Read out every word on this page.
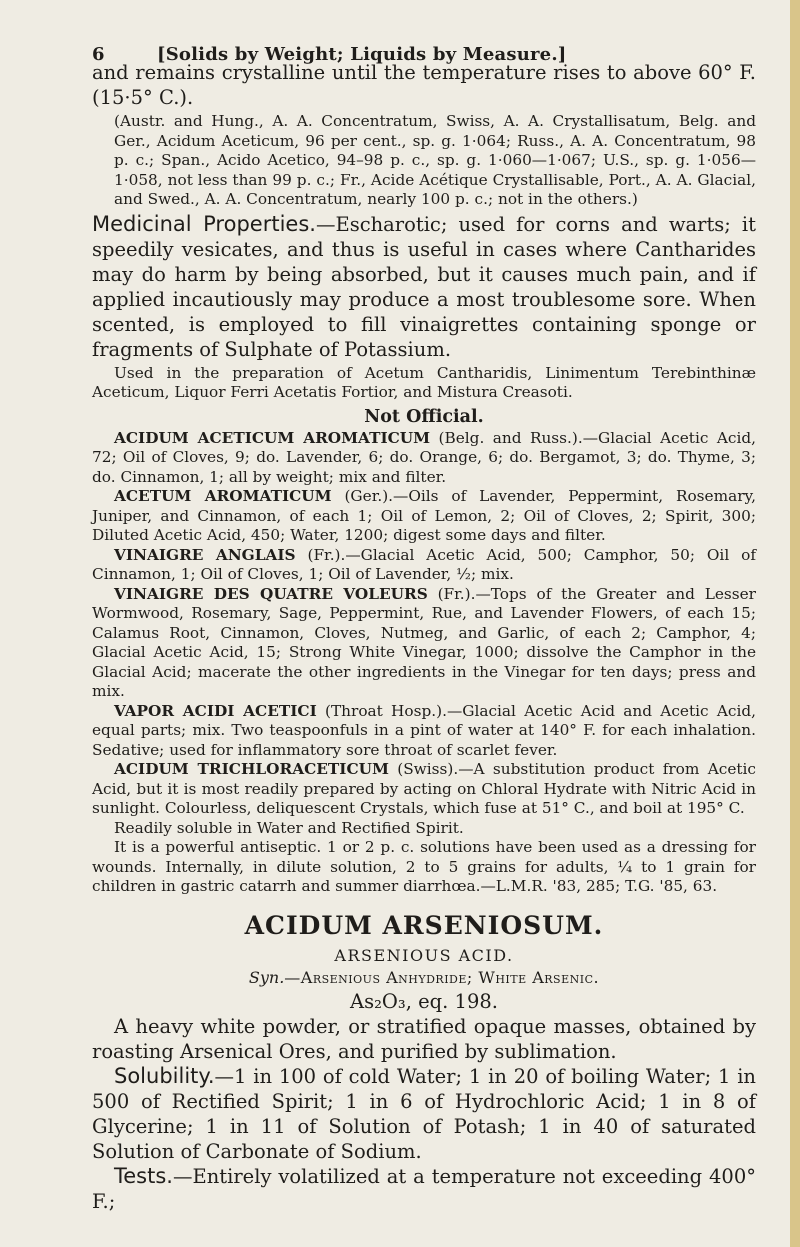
6	[Solids by Weight; Liquids by Measure.]

and remains crystalline until the temperature rises to above 60° F. (15·5° C.).

(Austr. and Hung., A. A. Concentratum, Swiss, A. A. Crystallisatum, Belg. and Ger., Acidum Aceticum, 96 per cent., sp. g. 1·064; Russ., A. A. Concentratum, 98 p. c.; Span., Acido Acetico, 94–98 p. c., sp. g. 1·060—1·067; U.S., sp. g. 1·056—1·058, not less than 99 p. c.; Fr., Acide Acétique Crystallisable, Port., A. A. Glacial, and Swed., A. A. Concentratum, nearly 100 p. c.; not in the others.)

Medicinal Properties.—Escharotic; used for corns and warts; it speedily vesicates, and thus is useful in cases where Cantharides may do harm by being absorbed, but it causes much pain, and if applied incautiously may produce a most troublesome sore. When scented, is employed to fill vinaigrettes containing sponge or fragments of Sulphate of Potassium.

Used in the preparation of Acetum Cantharidis, Linimentum Terebinthinæ Aceticum, Liquor Ferri Acetatis Fortior, and Mistura Creasoti.

Not Official.

ACIDUM ACETICUM AROMATICUM (Belg. and Russ.).—Glacial Acetic Acid, 72; Oil of Cloves, 9; do. Lavender, 6; do. Orange, 6; do. Bergamot, 3; do. Thyme, 3; do. Cinnamon, 1; all by weight; mix and filter.

ACETUM AROMATICUM (Ger.).—Oils of Lavender, Peppermint, Rosemary, Juniper, and Cinnamon, of each 1; Oil of Lemon, 2; Oil of Cloves, 2; Spirit, 300; Diluted Acetic Acid, 450; Water, 1200; digest some days and filter.

VINAIGRE ANGLAIS (Fr.).—Glacial Acetic Acid, 500; Camphor, 50; Oil of Cinnamon, 1; Oil of Cloves, 1; Oil of Lavender, ½; mix.

VINAIGRE DES QUATRE VOLEURS (Fr.).—Tops of the Greater and Lesser Wormwood, Rosemary, Sage, Peppermint, Rue, and Lavender Flowers, of each 15; Calamus Root, Cinnamon, Cloves, Nutmeg, and Garlic, of each 2; Camphor, 4; Glacial Acetic Acid, 15; Strong White Vinegar, 1000; dissolve the Camphor in the Glacial Acid; macerate the other ingredients in the Vinegar for ten days; press and mix.

VAPOR ACIDI ACETICI (Throat Hosp.).—Glacial Acetic Acid and Acetic Acid, equal parts; mix. Two teaspoonfuls in a pint of water at 140° F. for each inhalation. Sedative; used for inflammatory sore throat of scarlet fever.

ACIDUM TRICHLORACETICUM (Swiss).—A substitution product from Acetic Acid, but it is most readily prepared by acting on Chloral Hydrate with Nitric Acid in sunlight. Colourless, deliquescent Crystals, which fuse at 51° C., and boil at 195° C.

Readily soluble in Water and Rectified Spirit.

It is a powerful antiseptic. 1 or 2 p. c. solutions have been used as a dressing for wounds. Internally, in dilute solution, 2 to 5 grains for adults, ¼ to 1 grain for children in gastric catarrh and summer diarrhœa.—L.M.R. '83, 285; T.G. '85, 63.

ACIDUM ARSENIOSUM.

ARSENIOUS ACID.

Syn.—Arsenious Anhydride; White Arsenic.

As₂O₃, eq. 198.

A heavy white powder, or stratified opaque masses, obtained by roasting Arsenical Ores, and purified by sublimation.

Solubility.—1 in 100 of cold Water; 1 in 20 of boiling Water; 1 in 500 of Rectified Spirit; 1 in 6 of Hydrochloric Acid; 1 in 8 of Glycerine; 1 in 11 of Solution of Potash; 1 in 40 of saturated Solution of Carbonate of Sodium.

Tests.—Entirely volatilized at a temperature not exceeding 400° F.;
